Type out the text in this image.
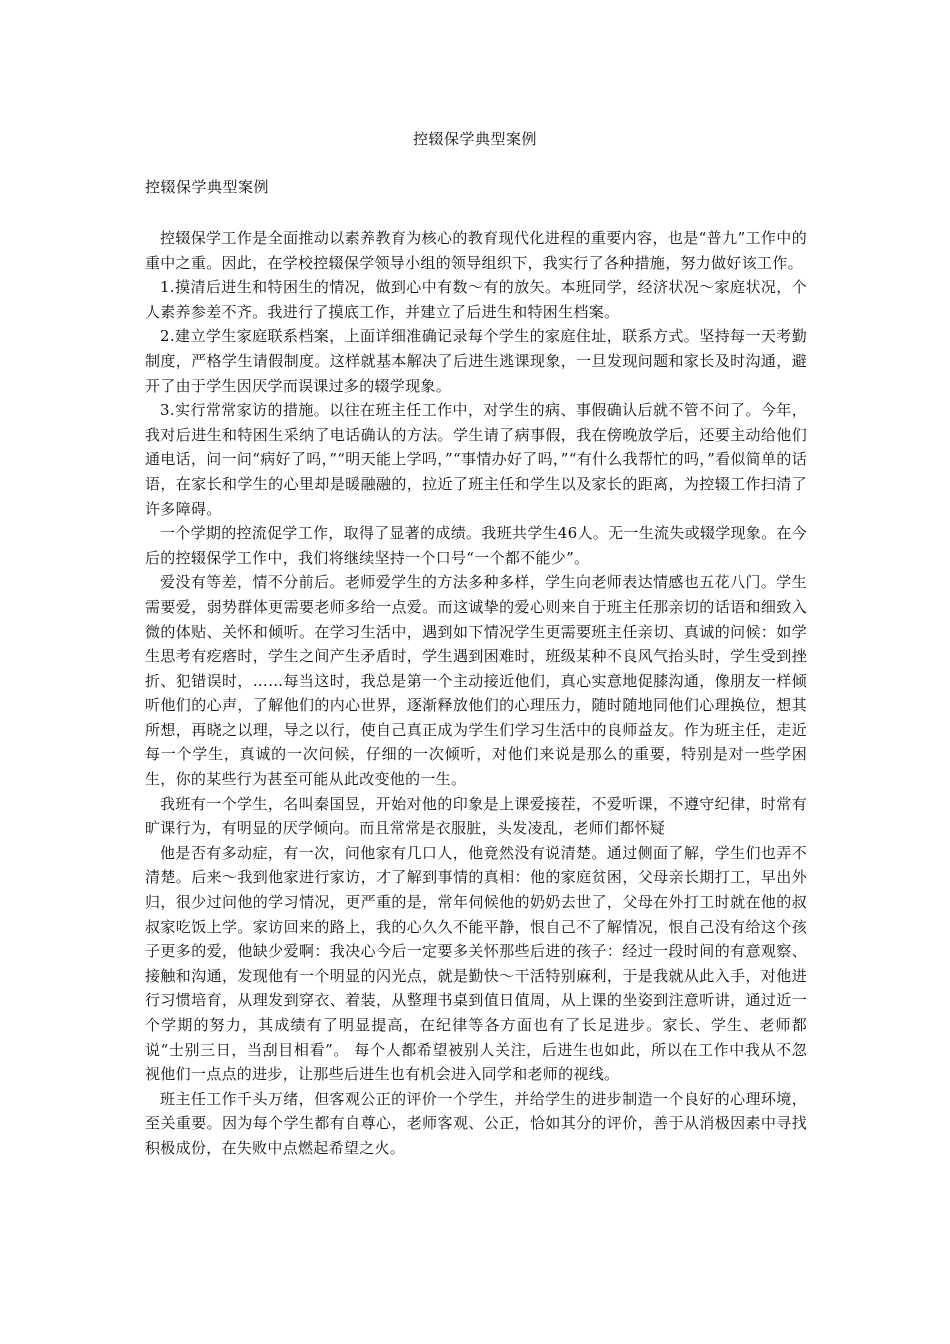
控辍保学典型案例
控辍保学典型案例

控辍保学工作是全面推动以素养教育为核心的教育现代化进程的重要内容，也是“普九”工作中的重中之重。因此，在学校控辍保学领导小组的领导组织下，我实行了各种措施，努力做好该工作。

1.摸清后进生和特困生的情况，做到心中有数～有的放矢。本班同学，经济状况～家庭状况，个人素养参差不齐。我进行了摸底工作，并建立了后进生和特困生档案。

2.建立学生家庭联系档案，上面详细准确记录每个学生的家庭住址，联系方式。坚持每一天考勤制度，严格学生请假制度。这样就基本解决了后进生逃课现象，一旦发现问题和家长及时沟通，避开了由于学生因厌学而误课过多的辍学现象。

3.实行常常家访的措施。以往在班主任工作中，对学生的病、事假确认后就不管不问了。今年，我对后进生和特困生采纳了电话确认的方法。学生请了病事假，我在傍晚放学后，还要主动给他们通电话，问一问“病好了吗，”“明天能上学吗，”“事情办好了吗，”“有什么我帮忙的吗，”看似简单的话语，在家长和学生的心里却是暖融融的，拉近了班主任和学生以及家长的距离，为控辍工作扫清了许多障碍。

一个学期的控流促学工作，取得了显著的成绩。我班共学生46人。无一生流失或辍学现象。在今后的控辍保学工作中，我们将继续坚持一个口号“一个都不能少”。

爱没有等差，情不分前后。老师爱学生的方法多种多样，学生向老师表达情感也五花八门。学生需要爱，弱势群体更需要老师多给一点爱。而这诚挚的爱心则来自于班主任那亲切的话语和细致入微的体贴、关怀和倾听。在学习生活中，遇到如下情况学生更需要班主任亲切、真诚的问候：如学生思考有疙瘩时，学生之间产生矛盾时，学生遇到困难时，班级某种不良风气抬头时，学生受到挫折、犯错误时，……每当这时，我总是第一个主动接近他们，真心实意地促膝沟通，像朋友一样倾听他们的心声，了解他们的内心世界，逐渐释放他们的心理压力，随时随地同他们心理换位，想其所想，再晓之以理，导之以行，使自己真正成为学生们学习生活中的良师益友。作为班主任，走近每一个学生，真诚的一次问候，仔细的一次倾听，对他们来说是那么的重要，特别是对一些学困生，你的某些行为甚至可能从此改变他的一生。

我班有一个学生，名叫秦国昱，开始对他的印象是上课爱接茬，不爱听课，不遵守纪律，时常有旷课行为，有明显的厌学倾向。而且常常是衣服脏，头发凌乱，老师们都怀疑

他是否有多动症，有一次，问他家有几口人，他竟然没有说清楚。通过侧面了解，学生们也弄不清楚。后来～我到他家进行家访，才了解到事情的真相：他的家庭贫困，父母亲长期打工，早出外归，很少过问他的学习情况，更严重的是，常年伺候他的奶奶去世了，父母在外打工时就在他的叔叔家吃饭上学。家访回来的路上，我的心久久不能平静，恨自己不了解情况，恨自己没有给这个孩子更多的爱，他缺少爱啊：我决心今后一定要多关怀那些后进的孩子：经过一段时间的有意观察、接触和沟通，发现他有一个明显的闪光点，就是勤快～干活特别麻利，于是我就从此入手，对他进行习惯培育，从理发到穿衣、着装，从整理书桌到值日值周，从上课的坐姿到注意听讲，通过近一个学期的努力，其成绩有了明显提高，在纪律等各方面也有了长足进步。家长、学生、老师都说“士别三日，当刮目相看”。 每个人都希望被别人关注，后进生也如此，所以在工作中我从不忽视他们一点点的进步，让那些后进生也有机会进入同学和老师的视线。

班主任工作千头万绪，但客观公正的评价一个学生，并给学生的进步制造一个良好的心理环境，至关重要。因为每个学生都有自尊心，老师客观、公正，恰如其分的评价，善于从消极因素中寻找积极成份，在失败中点燃起希望之火。
